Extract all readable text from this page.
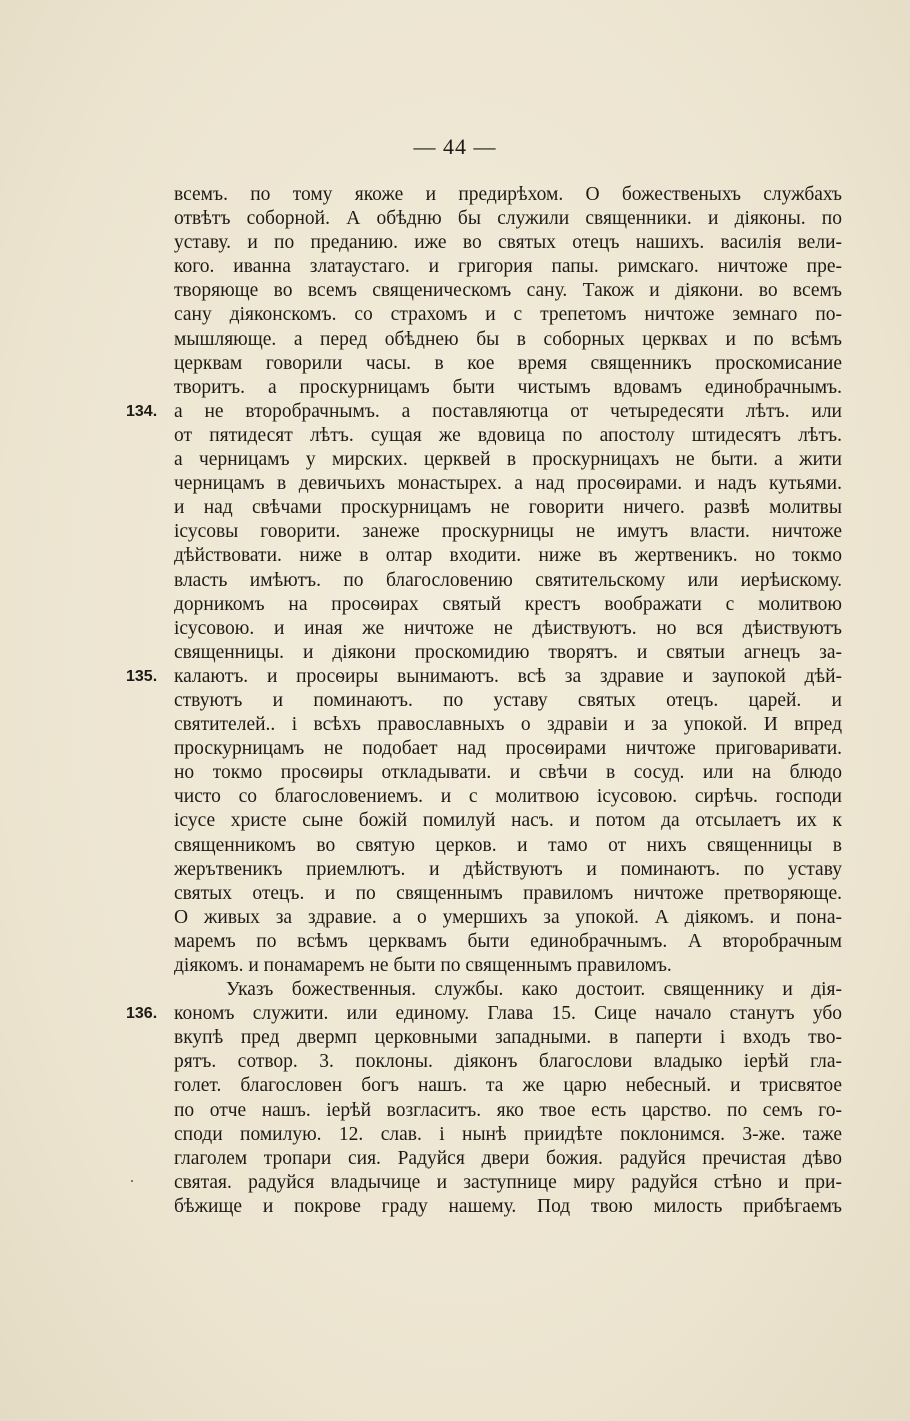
— 44 —
всемъ. по тому якоже и предирѣхом. О божественыхъ службахъ
отвѣтъ соборной. А обѣдню бы служили священники. и дiяконы. по
уставу. и по преданию. иже во святых отецъ нашихъ. василiя вели-
кого. иванна златаустаго. и григория папы. римскаго. ничтоже пре-
творяюще во всемъ священическомъ сану. Також и дiякони. во всемъ
сану дiяконскомъ. со страхомъ и с трепетомъ ничтоже земнаго по-
мышляюще. а перед обѣднею бы в соборных церквах и по всѣмъ
церквам говорили часы. в кое время священникъ проскомисание
творитъ. а проскурницамъ быти чистымъ вдовамъ единобрачнымъ.
134. а не второбрачнымъ. а поставляютца от четыредесяти лѣтъ. или
от пятидесят лѣтъ. сущая же вдовица по апостолу штидесятъ лѣтъ.
а черницамъ у мирских. церквей в проскурницахъ не быти. а жити
черницамъ в девичьихъ монастырех. а над просѳирами. и надъ кутьями.
и над свѣчами проскурницамъ не говорити ничего. развѣ молитвы
iсусовы говорити. занеже проскурницы не имутъ власти. ничтоже
дѣйствовати. ниже в олтар входити. ниже въ жертвеникъ. но токмо
власть имѣютъ. по благословению святительскому или иерѣискому.
дорникомъ на просѳирах святый крестъ воображати с молитвою
iсусовою. и иная же ничтоже не дѣиствуютъ. но вся дѣиствуютъ
священницы. и дiякони проскомидию творятъ. и святыи агнецъ за-
135. калаютъ. и просѳиры вынимаютъ. всѣ за здравие и заупокой дѣй-
ствуютъ и поминаютъ. по уставу святых отецъ. царей. и
святителей.. i всѣхъ православныхъ о здравiи и за упокой. И впред
проскурницамъ не подобает над просѳирами ничтоже приговаривати.
но токмо просѳиры откладывати. и свѣчи в сосуд. или на блюдо
чисто со благословениемъ. и с молитвою iсусовою. сирѣчь. господи
iсусе христе сыне божiй помилуй насъ. и потом да отсылаетъ их к
священникомъ во святую церков. и тамо от нихъ священницы в
жерътвеникъ приемлютъ. и дѣйствуютъ и поминаютъ. по уставу
святых отецъ. и по священнымъ правиломъ ничтоже претворяюще.
О живых за здравие. а о умершихъ за упокой. А дiякомъ. и пона-
маремъ по всѣмъ церквамъ быти единобрачнымъ. А второбрачным
дiякомъ. и понамаремъ не быти по священнымъ правиломъ.
Указъ божественныя. службы. како достоит. священнику и дiя-
136. кономъ служити. или единому. Глава 15. Сице начало станутъ убо
вкупѣ пред двермп церковными западными. в паперти i входъ тво-
рятъ. сотвор. 3. поклоны. дiяконъ благослови владыко iерѣй гла-
голет. благословен богъ нашъ. та же царю небесный. и трисвятое
по отче нашъ. iерѣй возгласитъ. яко твое есть царство. по семъ го-
споди помилую. 12. слав. i нынѣ приидѣте поклонимся. 3-же. таже
глаголем тропари сия. Радуйся двери божия. радуйся пречистая дѣво
святая. радуйся владычице и заступнице миру радуйся стѣно и при-
бѣжище и покрове граду нашему. Под твою милость прибѣгаемъ
